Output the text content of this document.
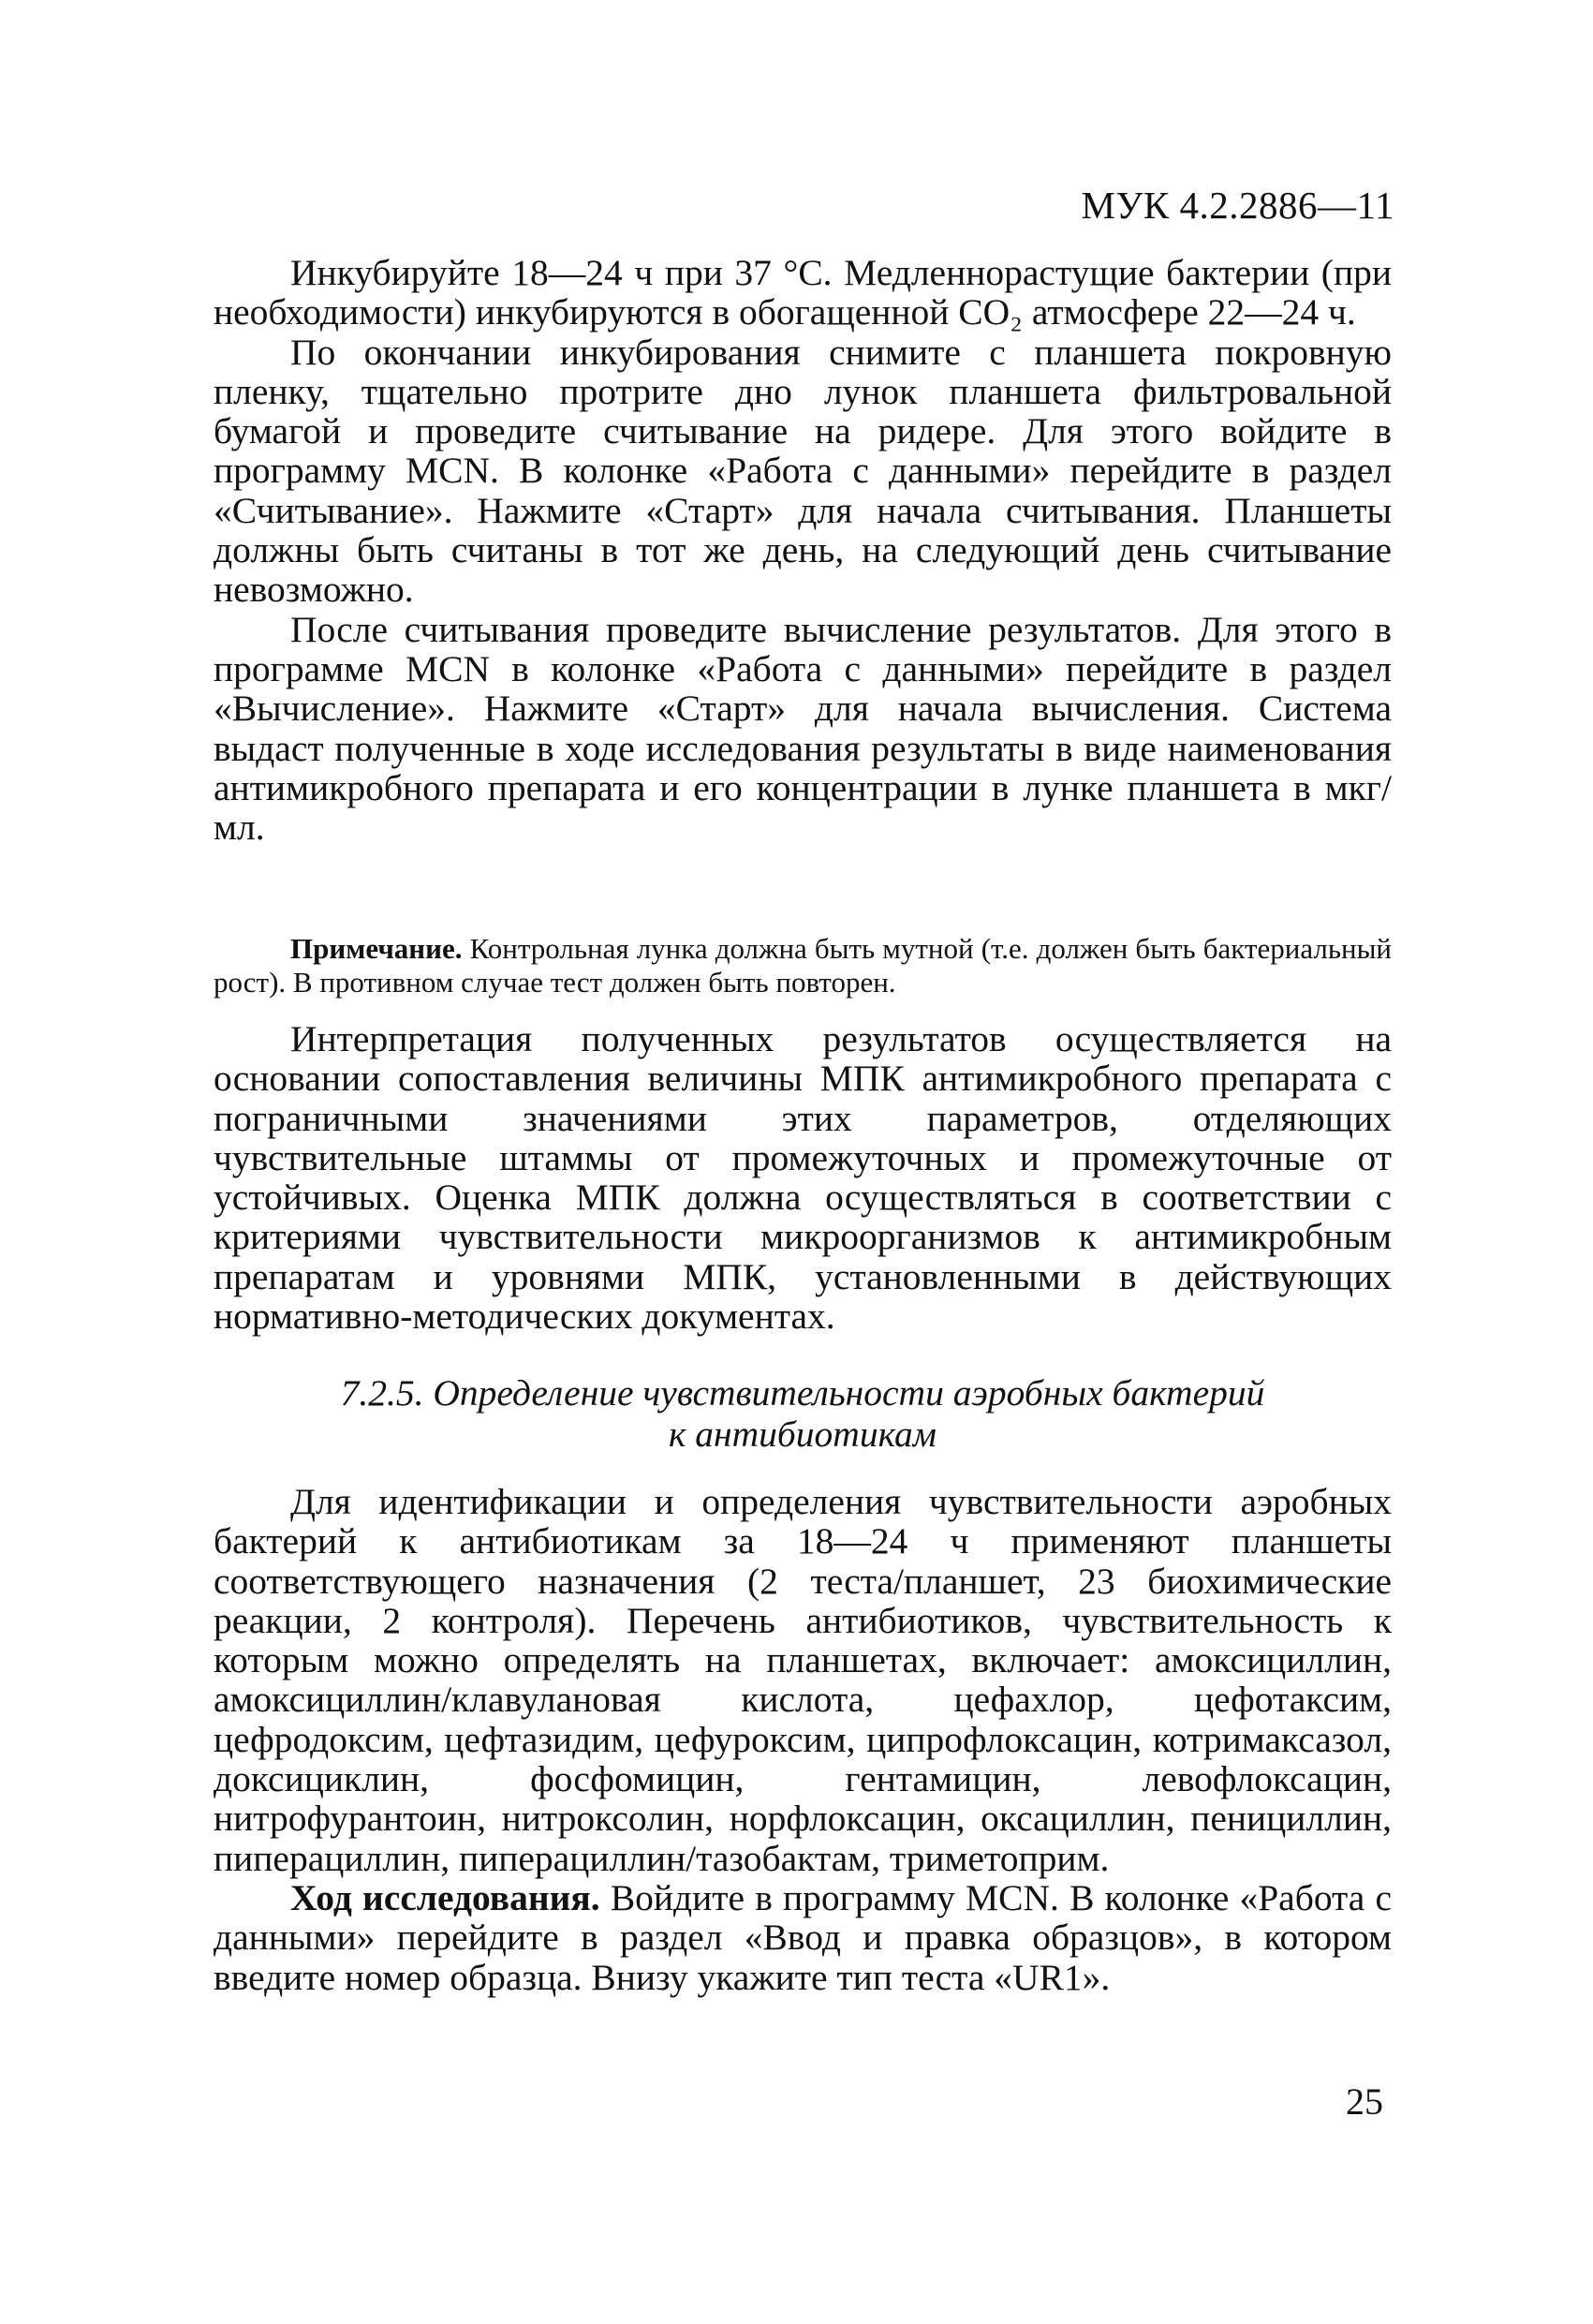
МУК 4.2.2886—11

Инкубируйте 18—24 ч при 37 °С. Медленнорастущие бактерии (при необходимости) инкубируются в обогащенной СО₂ атмосфере 22—24 ч.

По окончании инкубирования снимите с планшета покровную пленку, тщательно протрите дно лунок планшета фильтровальной бумагой и проведите считывание на ридере. Для этого войдите в программу MCN. В колонке «Работа с данными» перейдите в раздел «Считывание». Нажмите «Старт» для начала считывания. Планшеты должны быть считаны в тот же день, на следующий день считывание невозможно.

После считывания проведите вычисление результатов. Для этого в программе MCN в колонке «Работа с данными» перейдите в раздел «Вычисление». Нажмите «Старт» для начала вычисления. Система выдаст полученные в ходе исследования результаты в виде наименования антимикробного препарата и его концентрации в лунке планшета в мкг/мл.

Примечание. Контрольная лунка должна быть мутной (т.е. должен быть бактериальный рост). В противном случае тест должен быть повторен.

Интерпретация полученных результатов осуществляется на основании сопоставления величины МПК антимикробного препарата с пограничными значениями этих параметров, отделяющих чувствительные штаммы от промежуточных и промежуточные от устойчивых. Оценка МПК должна осуществляться в соответствии с критериями чувствительности микроорганизмов к антимикробным препаратам и уровнями МПК, установленными в действующих нормативно-методических документах.

7.2.5. Определение чувствительности аэробных бактерий
к антибиотикам

Для идентификации и определения чувствительности аэробных бактерий к антибиотикам за 18—24 ч применяют планшеты соответствующего назначения (2 теста/планшет, 23 биохимические реакции, 2 контроля). Перечень антибиотиков, чувствительность к которым можно определять на планшетах, включает: амоксициллин, амоксициллин/клавулановая кислота, цефахлор, цефотаксим, цефродоксим, цефтазидим, цефуроксим, ципрофлоксацин, котримаксазол, доксициклин, фосфомицин, гентамицин, левофлоксацин, нитрофурантоин, нитроксолин, норфлоксацин, оксациллин, пенициллин, пиперациллин, пиперациллин/тазобактам, триметоприм.

Ход исследования. Войдите в программу MCN. В колонке «Работа с данными» перейдите в раздел «Ввод и правка образцов», в котором введите номер образца. Внизу укажите тип теста «UR1».

25
